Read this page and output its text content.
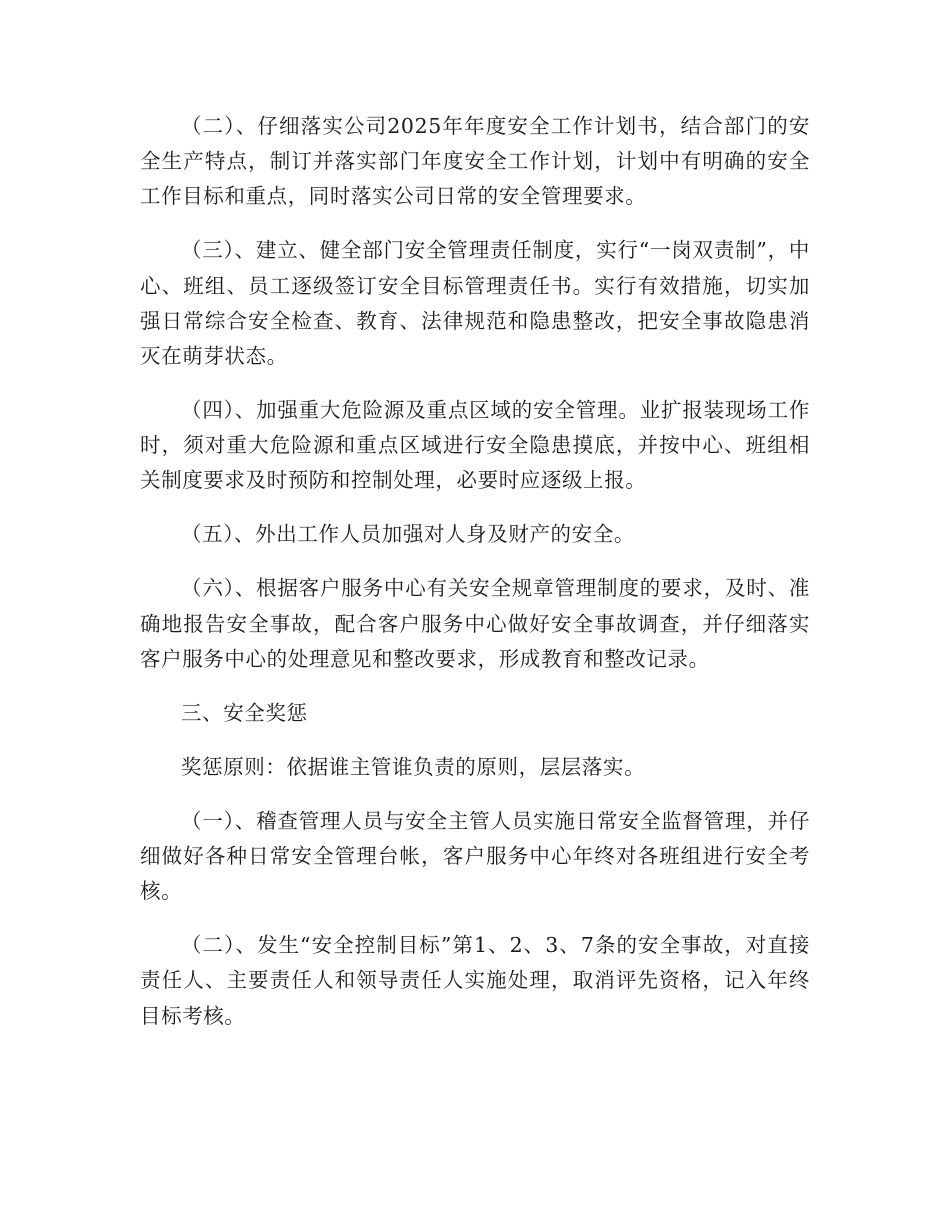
（二）、仔细落实公司2025年年度安全工作计划书，结合部门的安全生产特点，制订并落实部门年度安全工作计划，计划中有明确的安全工作目标和重点，同时落实公司日常的安全管理要求。

（三）、建立、健全部门安全管理责任制度，实行“一岗双责制”，中心、班组、员工逐级签订安全目标管理责任书。实行有效措施，切实加强日常综合安全检查、教育、法律规范和隐患整改，把安全事故隐患消灭在萌芽状态。

（四）、加强重大危险源及重点区域的安全管理。业扩报装现场工作时，须对重大危险源和重点区域进行安全隐患摸底，并按中心、班组相关制度要求及时预防和控制处理，必要时应逐级上报。

（五）、外出工作人员加强对人身及财产的安全。

（六）、根据客户服务中心有关安全规章管理制度的要求，及时、准确地报告安全事故，配合客户服务中心做好安全事故调查，并仔细落实客户服务中心的处理意见和整改要求，形成教育和整改记录。

三、安全奖惩

奖惩原则：依据谁主管谁负责的原则，层层落实。

（一）、稽查管理人员与安全主管人员实施日常安全监督管理，并仔细做好各种日常安全管理台帐，客户服务中心年终对各班组进行安全考核。

（二）、发生“安全控制目标”第1、2、3、7条的安全事故，对直接责任人、主要责任人和领导责任人实施处理，取消评先资格，记入年终目标考核。
